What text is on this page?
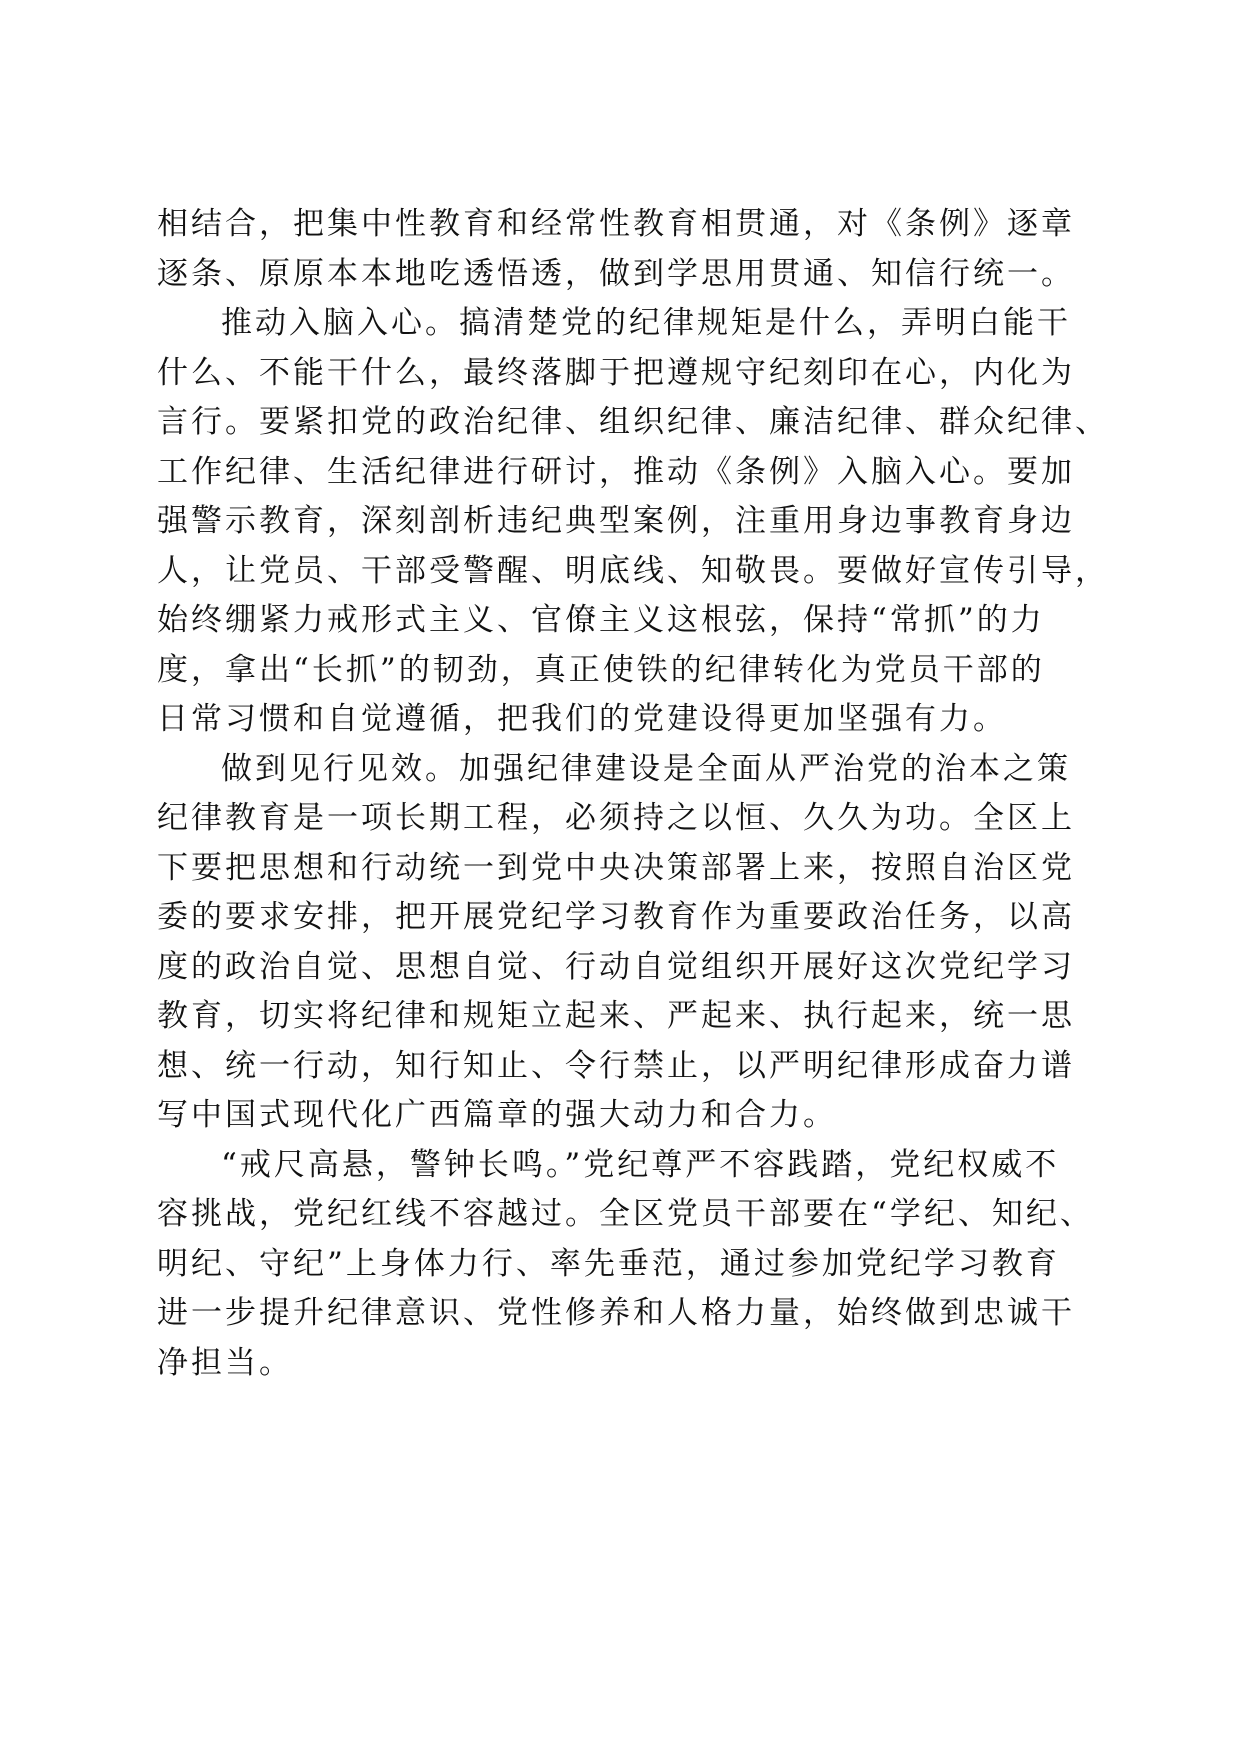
相结合，把集中性教育和经常性教育相贯通，对《条例》逐章
逐条、原原本本地吃透悟透，做到学思用贯通、知信行统一。
推动入脑入心。搞清楚党的纪律规矩是什么，弄明白能干
什么、不能干什么，最终落脚于把遵规守纪刻印在心，内化为
言行。要紧扣党的政治纪律、组织纪律、廉洁纪律、群众纪律、
工作纪律、生活纪律进行研讨，推动《条例》入脑入心。要加
强警示教育，深刻剖析违纪典型案例，注重用身边事教育身边
人，让党员、干部受警醒、明底线、知敬畏。要做好宣传引导，
始终绷紧力戒形式主义、官僚主义这根弦，保持“常抓”的力
度，拿出“长抓”的韧劲，真正使铁的纪律转化为党员干部的
日常习惯和自觉遵循，把我们的党建设得更加坚强有力。
做到见行见效。加强纪律建设是全面从严治党的治本之策
纪律教育是一项长期工程，必须持之以恒、久久为功。全区上
下要把思想和行动统一到党中央决策部署上来，按照自治区党
委的要求安排，把开展党纪学习教育作为重要政治任务，以高
度的政治自觉、思想自觉、行动自觉组织开展好这次党纪学习
教育，切实将纪律和规矩立起来、严起来、执行起来，统一思
想、统一行动，知行知止、令行禁止，以严明纪律形成奋力谱
写中国式现代化广西篇章的强大动力和合力。
“戒尺高悬，警钟长鸣。”党纪尊严不容践踏，党纪权威不
容挑战，党纪红线不容越过。全区党员干部要在“学纪、知纪、
明纪、守纪”上身体力行、率先垂范，通过参加党纪学习教育
进一步提升纪律意识、党性修养和人格力量，始终做到忠诚干
净担当。
